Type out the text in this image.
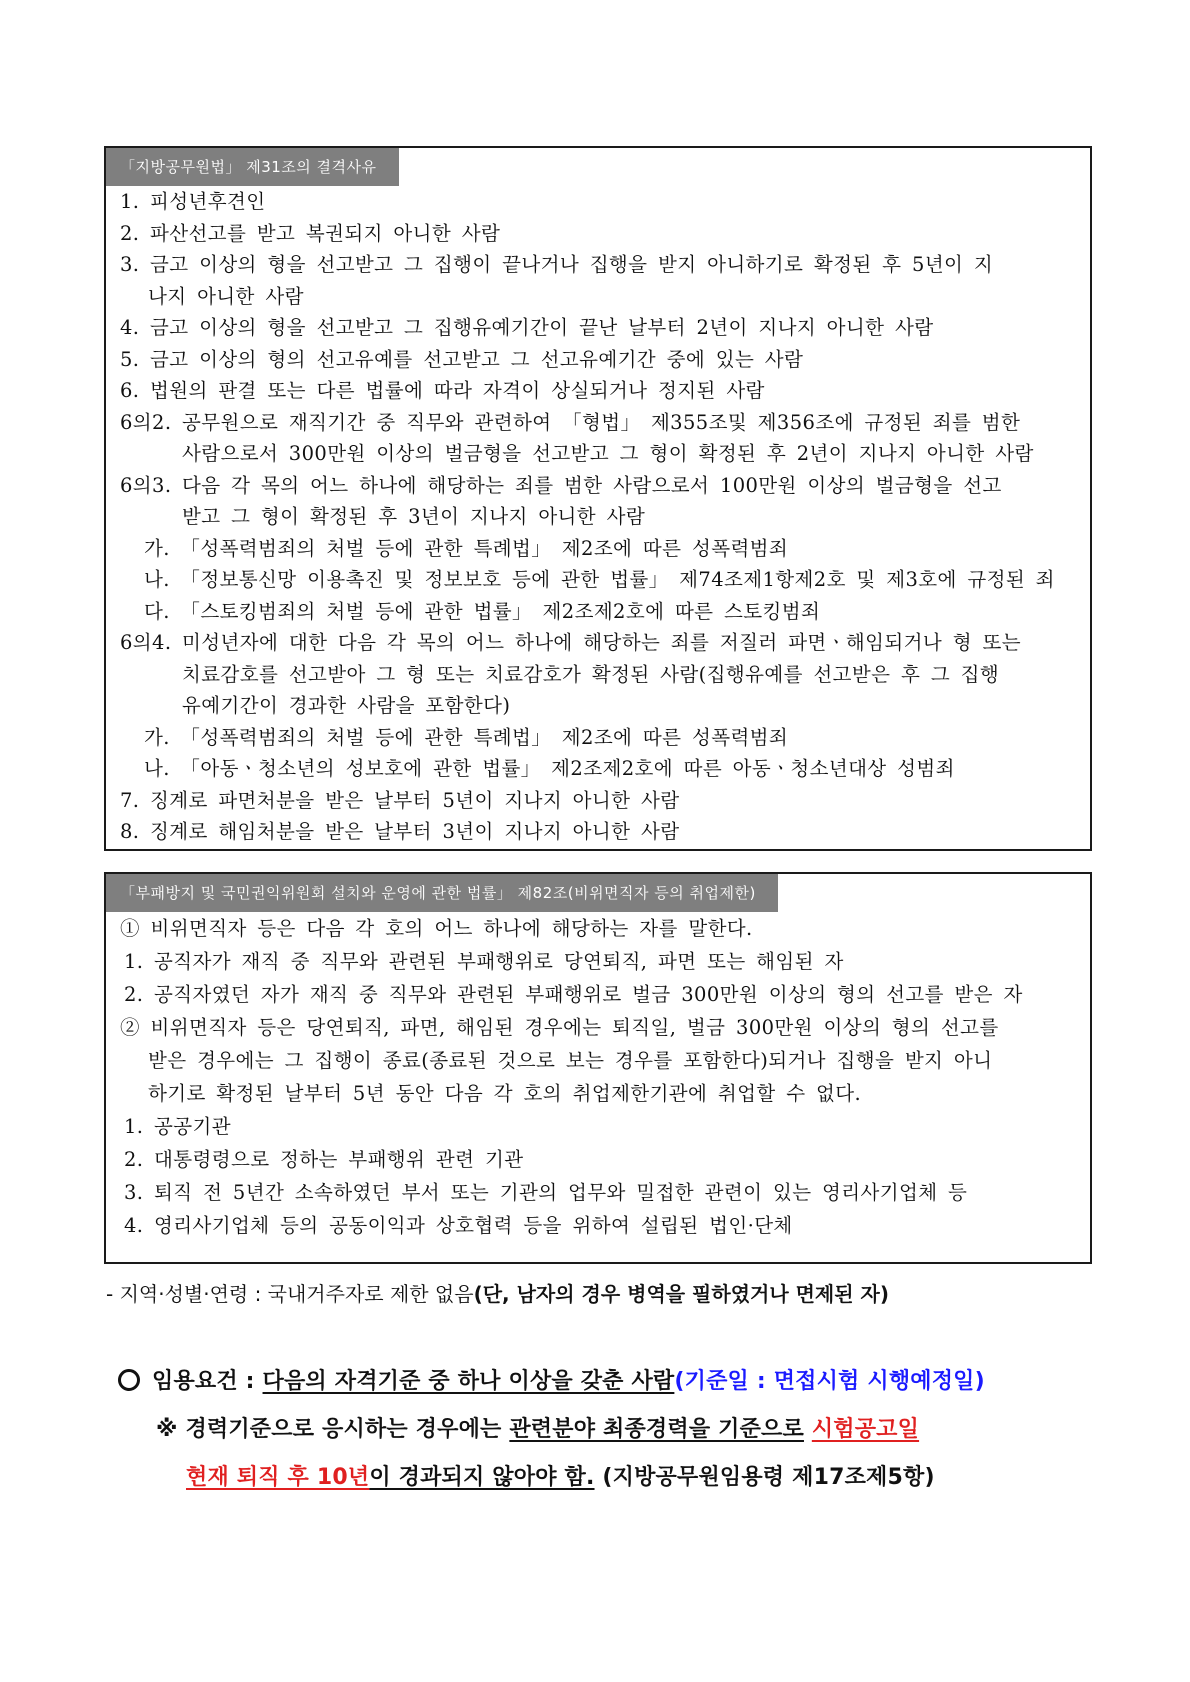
「지방공무원법」 제31조의 결격사유
1. 피성년후견인
2. 파산선고를 받고 복권되지 아니한 사람
3. 금고 이상의 형을 선고받고 그 집행이 끝나거나 집행을 받지 아니하기로 확정된 후 5년이 지
나지 아니한 사람
4. 금고 이상의 형을 선고받고 그 집행유예기간이 끝난 날부터 2년이 지나지 아니한 사람
5. 금고 이상의 형의 선고유예를 선고받고 그 선고유예기간 중에 있는 사람
6. 법원의 판결 또는 다른 법률에 따라 자격이 상실되거나 정지된 사람
6의2. 공무원으로 재직기간 중 직무와 관련하여 「형법」 제355조및 제356조에 규정된 죄를 범한
사람으로서 300만원 이상의 벌금형을 선고받고 그 형이 확정된 후 2년이 지나지 아니한 사람
6의3. 다음 각 목의 어느 하나에 해당하는 죄를 범한 사람으로서 100만원 이상의 벌금형을 선고
받고 그 형이 확정된 후 3년이 지나지 아니한 사람
가. 「성폭력범죄의 처벌 등에 관한 특례법」 제2조에 따른 성폭력범죄
나. 「정보통신망 이용촉진 및 정보보호 등에 관한 법률」 제74조제1항제2호 및 제3호에 규정된 죄
다. 「스토킹범죄의 처벌 등에 관한 법률」 제2조제2호에 따른 스토킹범죄
6의4. 미성년자에 대한 다음 각 목의 어느 하나에 해당하는 죄를 저질러 파면ㆍ해임되거나 형 또는
치료감호를 선고받아 그 형 또는 치료감호가 확정된 사람(집행유예를 선고받은 후 그 집행
유예기간이 경과한 사람을 포함한다)
가. 「성폭력범죄의 처벌 등에 관한 특례법」 제2조에 따른 성폭력범죄
나. 「아동ㆍ청소년의 성보호에 관한 법률」 제2조제2호에 따른 아동ㆍ청소년대상 성범죄
7. 징계로 파면처분을 받은 날부터 5년이 지나지 아니한 사람
8. 징계로 해임처분을 받은 날부터 3년이 지나지 아니한 사람
「부패방지 및 국민권익위원회 설치와 운영에 관한 법률」 제82조(비위면직자 등의 취업제한)
① 비위면직자 등은 다음 각 호의 어느 하나에 해당하는 자를 말한다.
1. 공직자가 재직 중 직무와 관련된 부패행위로 당연퇴직, 파면 또는 해임된 자
2. 공직자였던 자가 재직 중 직무와 관련된 부패행위로 벌금 300만원 이상의 형의 선고를 받은 자
② 비위면직자 등은 당연퇴직, 파면, 해임된 경우에는 퇴직일, 벌금 300만원 이상의 형의 선고를
받은 경우에는 그 집행이 종료(종료된 것으로 보는 경우를 포함한다)되거나 집행을 받지 아니
하기로 확정된 날부터 5년 동안 다음 각 호의 취업제한기관에 취업할 수 없다.
1. 공공기관
2. 대통령령으로 정하는 부패행위 관련 기관
3. 퇴직 전 5년간 소속하였던 부서 또는 기관의 업무와 밀접한 관련이 있는 영리사기업체 등
4. 영리사기업체 등의 공동이익과 상호협력 등을 위하여 설립된 법인·단체
- 지역·성별·연령 : 국내거주자로 제한 없음(단, 남자의 경우 병역을 필하였거나 면제된 자)
임용요건 : 다음의 자격기준 중 하나 이상을 갖춘 사람(기준일 : 면접시험 시행예정일)
※ 경력기준으로 응시하는 경우에는 관련분야 최종경력을 기준으로 시험공고일
현재 퇴직 후 10년이 경과되지 않아야 함. (지방공무원임용령 제17조제5항)
